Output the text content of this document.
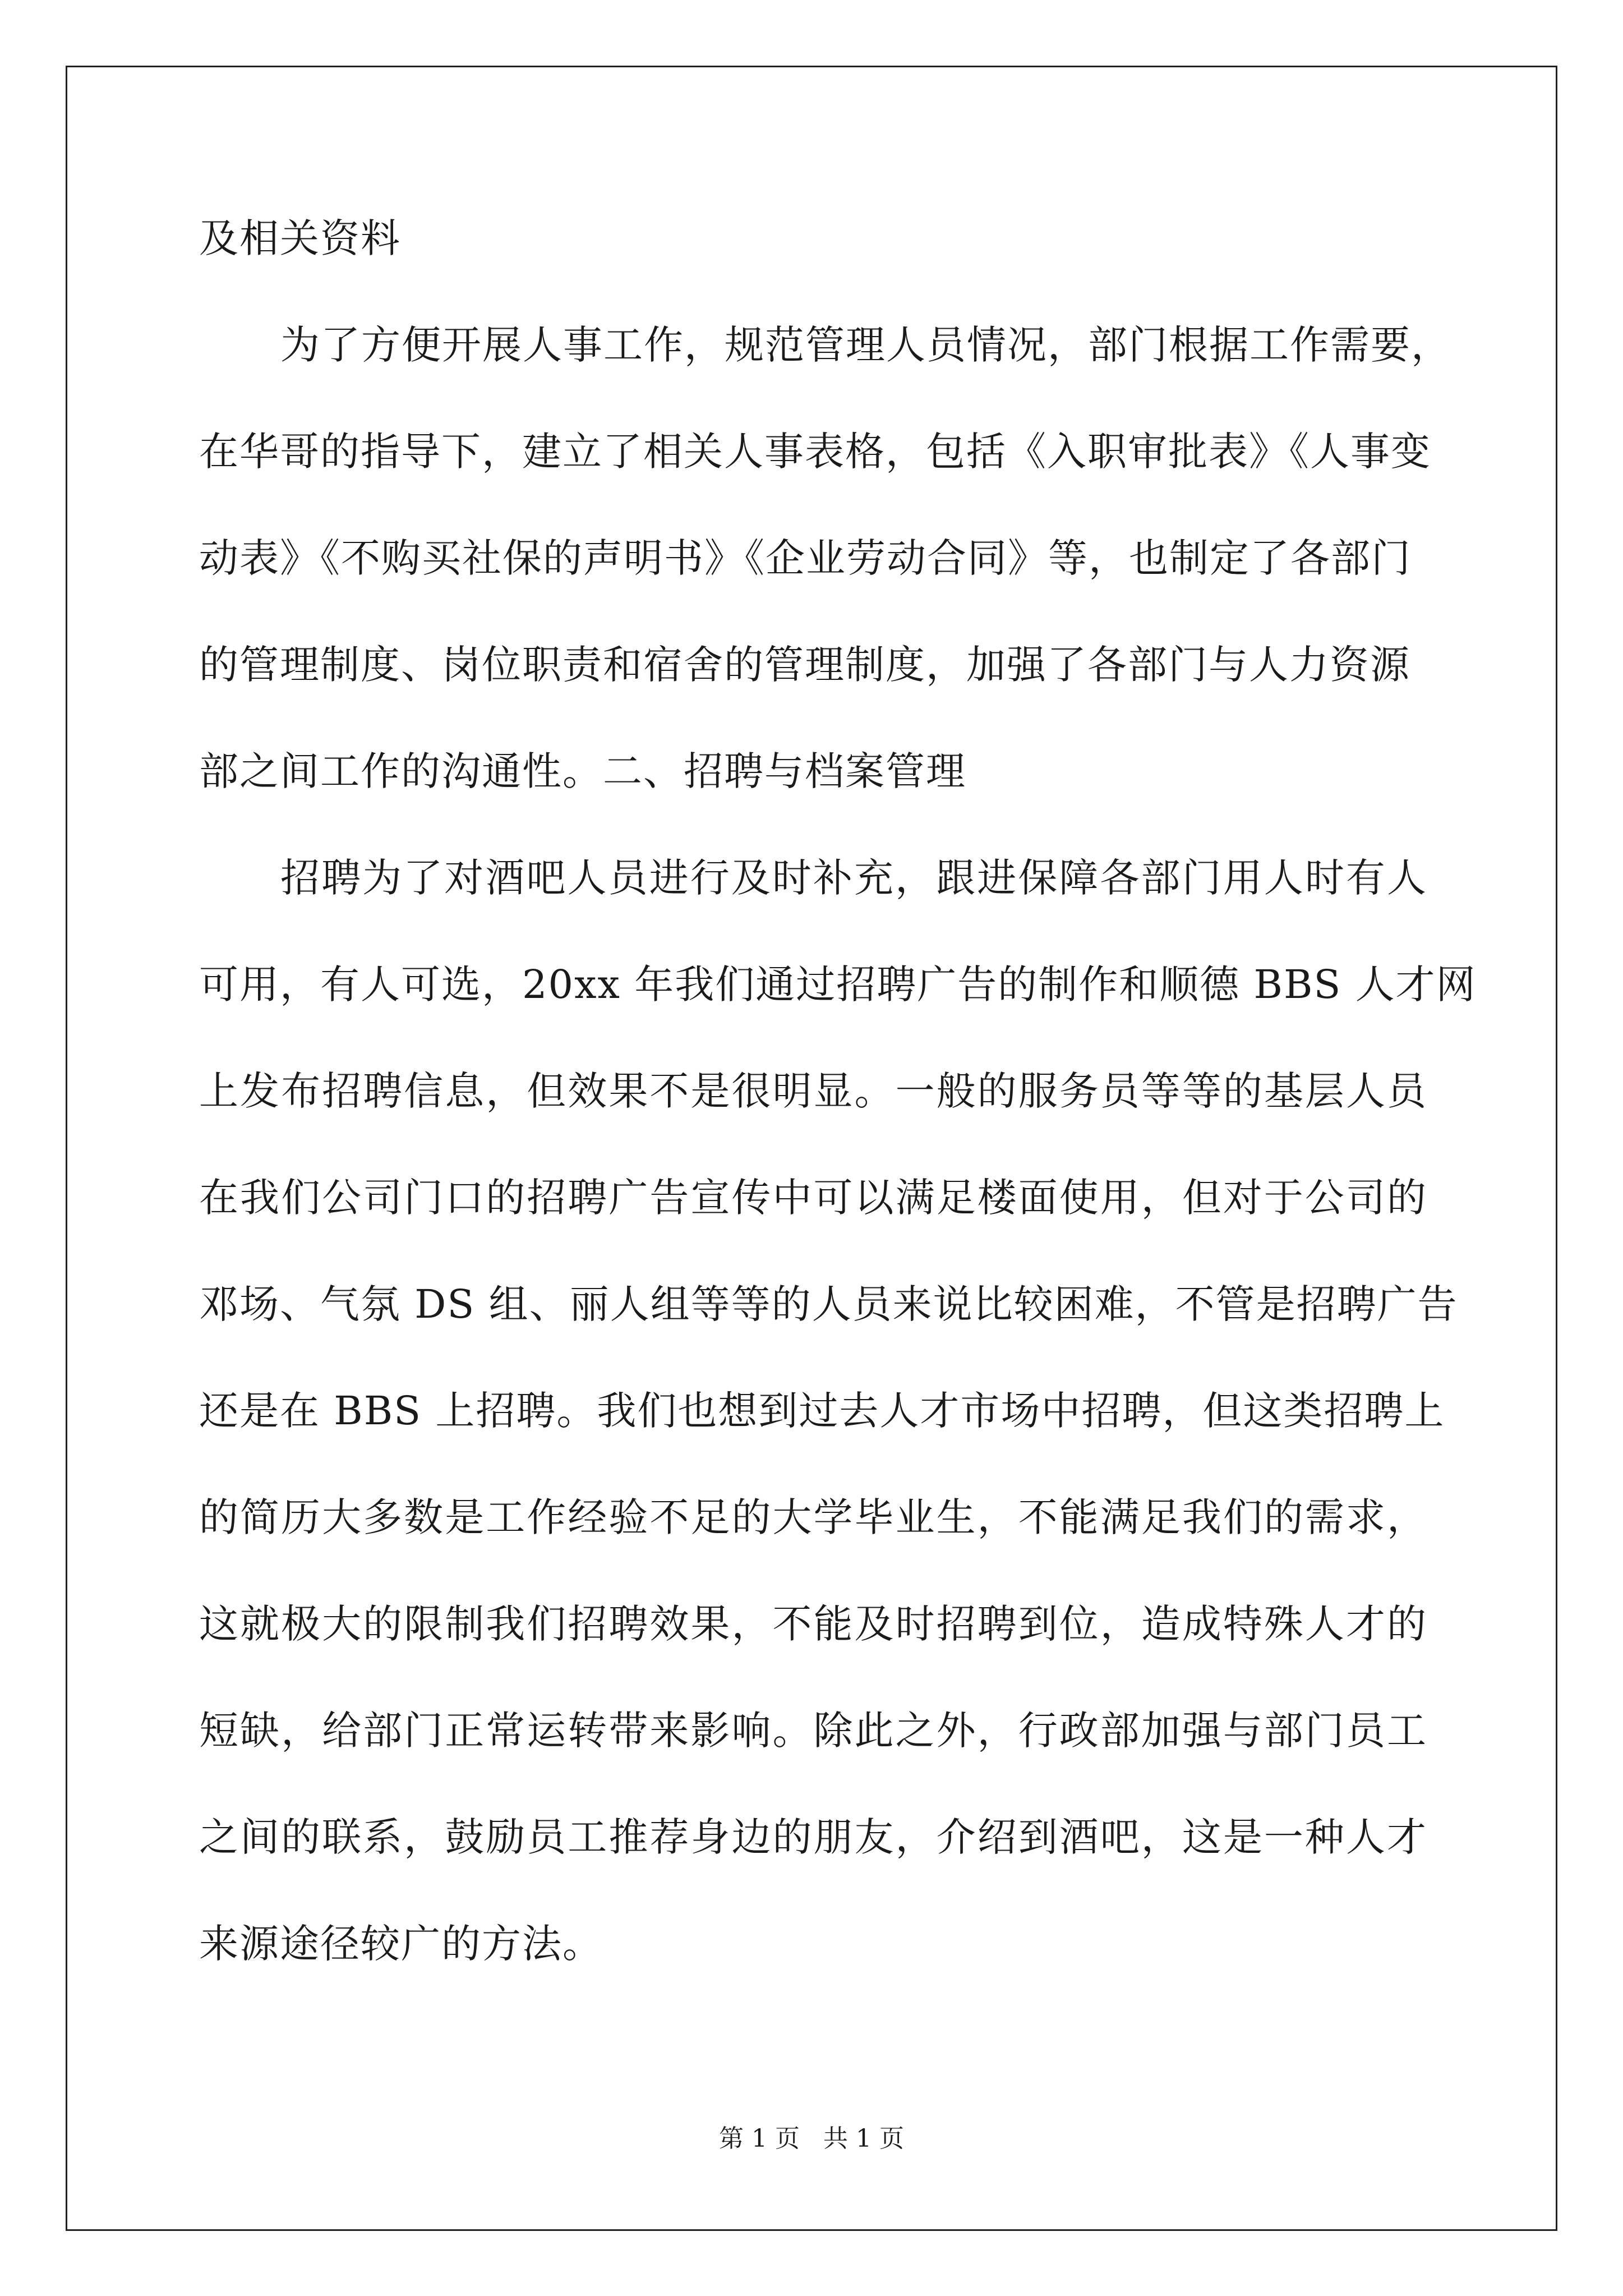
及相关资料
为了方便开展人事工作，规范管理人员情况，部门根据工作需要，
在华哥的指导下，建立了相关人事表格，包括《入职审批表》《人事变
动表》《不购买社保的声明书》《企业劳动合同》等，也制定了各部门
的管理制度、岗位职责和宿舍的管理制度，加强了各部门与人力资源
部之间工作的沟通性。二、招聘与档案管理
招聘为了对酒吧人员进行及时补充，跟进保障各部门用人时有人
可用，有人可选，20xx 年我们通过招聘广告的制作和顺德 BBS 人才网
上发布招聘信息，但效果不是很明显。一般的服务员等等的基层人员
在我们公司门口的招聘广告宣传中可以满足楼面使用，但对于公司的
邓场、气氛 DS 组、丽人组等等的人员来说比较困难，不管是招聘广告
还是在 BBS 上招聘。我们也想到过去人才市场中招聘，但这类招聘上
的简历大多数是工作经验不足的大学毕业生，不能满足我们的需求，
这就极大的限制我们招聘效果，不能及时招聘到位，造成特殊人才的
短缺，给部门正常运转带来影响。除此之外，行政部加强与部门员工
之间的联系，鼓励员工推荐身边的朋友，介绍到酒吧，这是一种人才
来源途径较广的方法。
第 1 页   共 1 页
